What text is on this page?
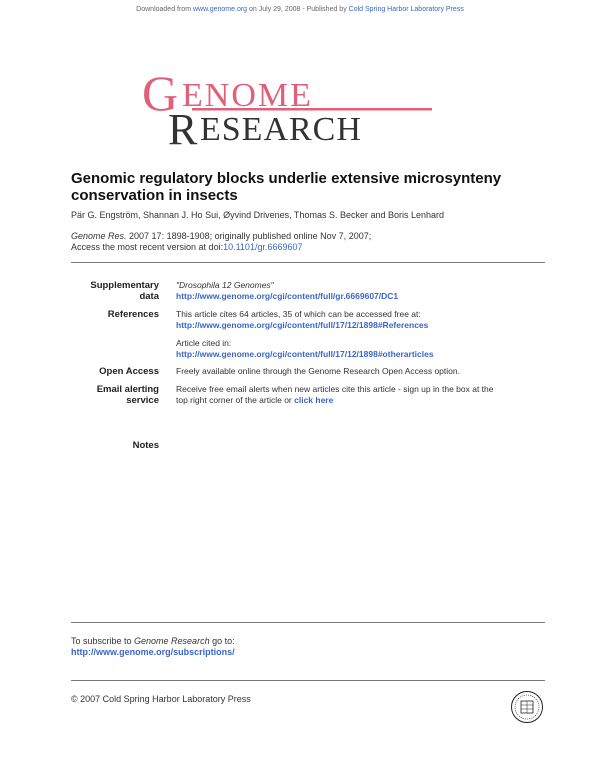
Downloaded from www.genome.org on July 29, 2008 - Published by Cold Spring Harbor Laboratory Press
G ENOME
R ESEARCH
Genomic regulatory blocks underlie extensive microsynteny conservation in insects
Pär G. Engström, Shannan J. Ho Sui, Øyvind Drivenes, Thomas S. Becker and Boris Lenhard
Genome Res. 2007 17: 1898-1908; originally published online Nov 7, 2007;
Access the most recent version at doi:10.1101/gr.6669607
Supplementary
data
"Drosophila 12 Genomes"
http://www.genome.org/cgi/content/full/gr.6669607/DC1
References This article cites 64 articles, 35 of which can be accessed free at:
http://www.genome.org/cgi/content/full/17/12/1898#References
Article cited in:
http://www.genome.org/cgi/content/full/17/12/1898#otherarticles
Open Access Freely available online through the Genome Research Open Access option.
Email alerting
service
Receive free email alerts when new articles cite this article - sign up in the box at the
top right corner of the article or click here
Notes
To subscribe to Genome Research go to:
http://www.genome.org/subscriptions/
© 2007 Cold Spring Harbor Laboratory Press
